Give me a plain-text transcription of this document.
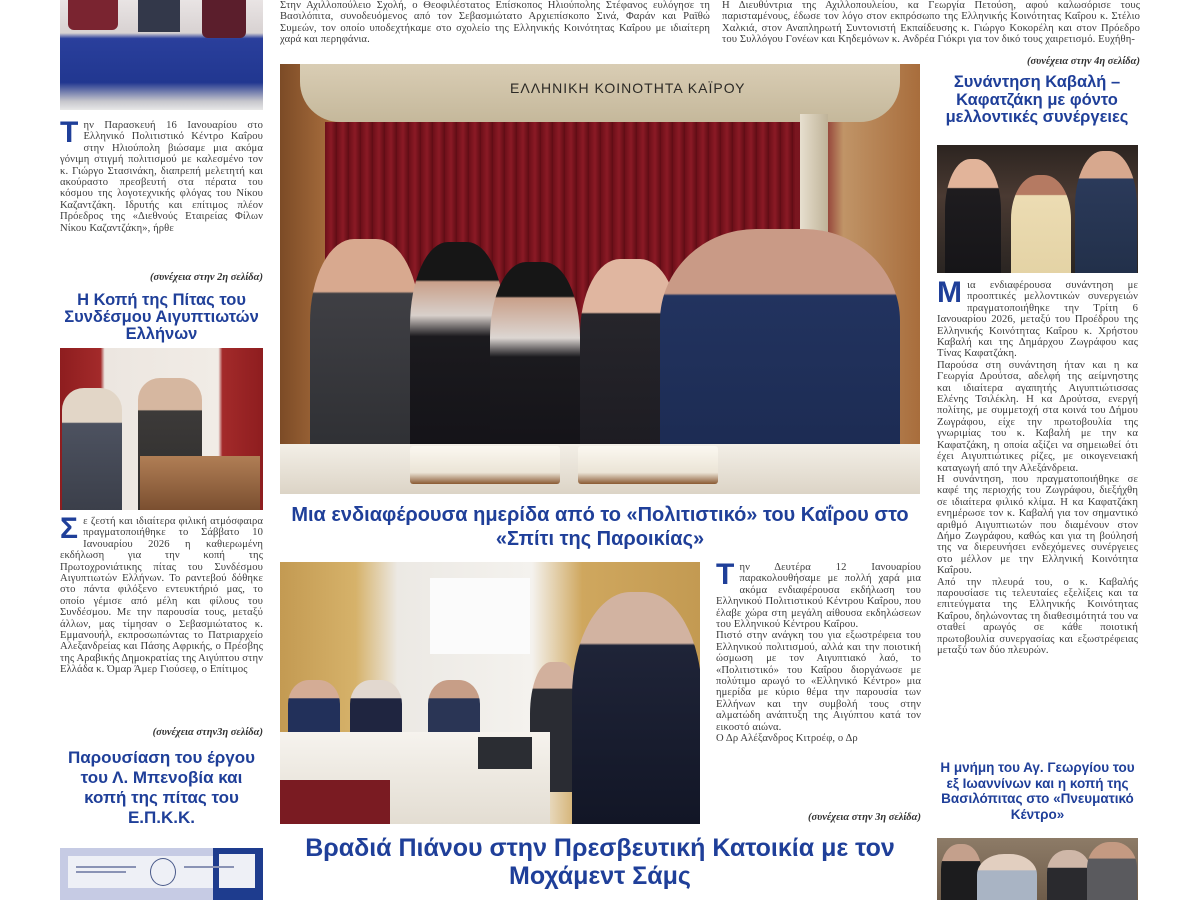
Τ ην Παρασκευή 16 Ιανουαρίου στο Ελληνικό Πολιτιστικό Κέντρο Καΐρου στην Ηλιούπολη βιώσαμε μια ακόμα γόνιμη στιγμή πολιτισμού με καλεσμένο τον κ. Γιώργο Στασινάκη, διαπρεπή μελετητή και ακούραστο πρεσβευτή στα πέρατα του κόσμου της λογοτεχνικής φλόγας του Νίκου Καζαντζάκη. Ιδρυτής και επίτιμος πλέον Πρόεδρος της «Διεθνούς Εταιρείας Φίλων Νίκου Καζαντζάκη», ήρθε
(συνέχεια στην 2η σελίδα)
Η Κοπή της Πίτας του Συνδέσμου Αιγυπτιωτών Ελλήνων
Σ ε ζεστή και ιδιαίτερα φιλική ατμόσφαιρα πραγματοποιήθηκε το Σάββατο 10 Ιανουαρίου 2026 η καθιερωμένη εκδήλωση για την κοπή της Πρωτοχρονιάτικης πίτας του Συνδέσμου Αιγυπτιωτών Ελλήνων. Το ραντεβού δόθηκε στο πάντα φιλόξενο εντευκτήριό μας, το οποίο γέμισε από μέλη και φίλους του Συνδέσμου. Με την παρουσία τους, μεταξύ άλλων, μας τίμησαν ο Σεβασμιώτατος κ. Εμμανουήλ, εκπροσωπώντας το Πατριαρχείο Αλεξανδρείας και Πάσης Αφρικής, ο Πρέσβης της Αραβικής Δημοκρατίας της Αιγύπτου στην Ελλάδα κ. Όμαρ Άμερ Γιούσεφ, ο Επίτιμος
(συνέχεια στην3η σελίδα)
Παρουσίαση του έργου του Λ. Μπενοβία και κοπή της πίτας του Ε.Π.Κ.Κ.
Στην Αχιλλοπούλειο Σχολή, ο Θεοφιλέστατος Επίσκοπος Ηλιούπολης Στέφανος ευλόγησε τη Βασιλόπιτα, συνοδευόμενος από τον Σεβασμιώτατο Αρχιεπίσκοπο Σινά, Φαράν και Ραϊθώ Συμεών, τον οποίο υποδεχτήκαμε στο σχολείο της Ελληνικής Κοινότητας Καΐρου με ιδιαίτερη χαρά και περηφάνια.
ΕΛΛΗΝΙΚΗ ΚΟΙΝΟΤΗΤΑ ΚΑΪΡΟΥ
Μια ενδιαφέρουσα ημερίδα από το «Πολιτιστικό» του Καΐρου στο «Σπίτι της Παροικίας»
Τ ην Δευτέρα 12 Ιανουαρίου παρακολουθήσαμε με πολλή χαρά μια ακόμα ενδιαφέρουσα εκδήλωση του Ελληνικού Πολιτιστικού Κέντρου Καΐρου, που έλαβε χώρα στη μεγάλη αίθουσα εκδηλώσεων του Ελληνικού Κέντρου Καΐρου.
Πιστό στην ανάγκη του για εξωστρέφεια του Ελληνικού πολιτισμού, αλλά και την ποιοτική ώσμωση με τον Αιγυπτιακό λαό, το «Πολιτιστικό» του Καΐρου διοργάνωσε με πολύτιμο αρωγό το «Ελληνικό Κέντρο» μια ημερίδα με κύριο θέμα την παρουσία των Ελλήνων και την συμβολή τους στην αλματώδη ανάπτυξη της Αιγύπτου κατά τον εικοστό αιώνα.
Ο Δρ Αλέξανδρος Κιτροέφ, ο Δρ
(συνέχεια στην 3η σελίδα)
Βραδιά Πιάνου στην Πρεσβευτική Κατοικία με τον Μοχάμεντ Σάμς
Η Διευθύντρια της Αχιλλοπουλείου, κα Γεωργία Πετούση, αφού καλωσόρισε τους παρισταμένους, έδωσε τον λόγο στον εκπρόσωπο της Ελληνικής Κοινότητας Καΐρου κ. Στέλιο Χαλκιά, στον Αναπληρωτή Συντονιστή Εκπαίδευσης κ. Γιώργο Κοκορέλη και στον Πρόεδρο του Συλλόγου Γονέων και Κηδεμόνων κ. Ανδρέα Γιόκρι για τον δικό τους χαιρετισμό. Ευχήθη-
(συνέχεια στην 4η σελίδα)
Συνάντηση Καβαλή – Καφατζάκη με φόντο μελλοντικές συνέργειες
Μ ια ενδιαφέρουσα συνάντηση με προοπτικές μελλοντικών συνεργειών πραγματοποιήθηκε την Τρίτη 6 Ιανουαρίου 2026, μεταξύ του Προέδρου της Ελληνικής Κοινότητας Καΐρου κ. Χρήστου Καβαλή και της Δημάρχου Ζωγράφου κας Τίνας Καφατζάκη.
Παρούσα στη συνάντηση ήταν και η κα Γεωργία Δρούτσα, αδελφή της αείμνηστης και ιδιαίτερα αγαπητής Αιγυπτιώτισσας Ελένης Τσιλέκλη. Η κα Δρούτσα, ενεργή πολίτης, με συμμετοχή στα κοινά του Δήμου Ζωγράφου, είχε την πρωτοβουλία της γνωριμίας του κ. Καβαλή με την κα Καφατζάκη, η οποία αξίζει να σημειωθεί ότι έχει Αιγυπτιώτικες ρίζες, με οικογενειακή καταγωγή από την Αλεξάνδρεια.
Η συνάντηση, που πραγματοποιήθηκε σε καφέ της περιοχής του Ζωγράφου, διεξήχθη σε ιδιαίτερα φιλικό κλίμα. Η κα Καφατζάκη ενημέρωσε τον κ. Καβαλή για τον σημαντικό αριθμό Αιγυπτιωτών που διαμένουν στον Δήμο Ζωγράφου, καθώς και για τη βούλησή της να διερευνήσει ενδεχόμενες συνέργειες στο μέλλον με την Ελληνική Κοινότητα Καΐρου.
Από την πλευρά του, ο κ. Καβαλής παρουσίασε τις τελευταίες εξελίξεις και τα επιτεύγματα της Ελληνικής Κοινότητας Καΐρου, δηλώνοντας τη διαθεσιμότητά του να σταθεί αρωγός σε κάθε ποιοτική πρωτοβουλία συνεργασίας και εξωστρέφειας μεταξύ των δύο πλευρών.
Η μνήμη του Αγ. Γεωργίου του εξ Ιωαννίνων και η κοπή της Βασιλόπιτας στο «Πνευματικό Κέντρο»
